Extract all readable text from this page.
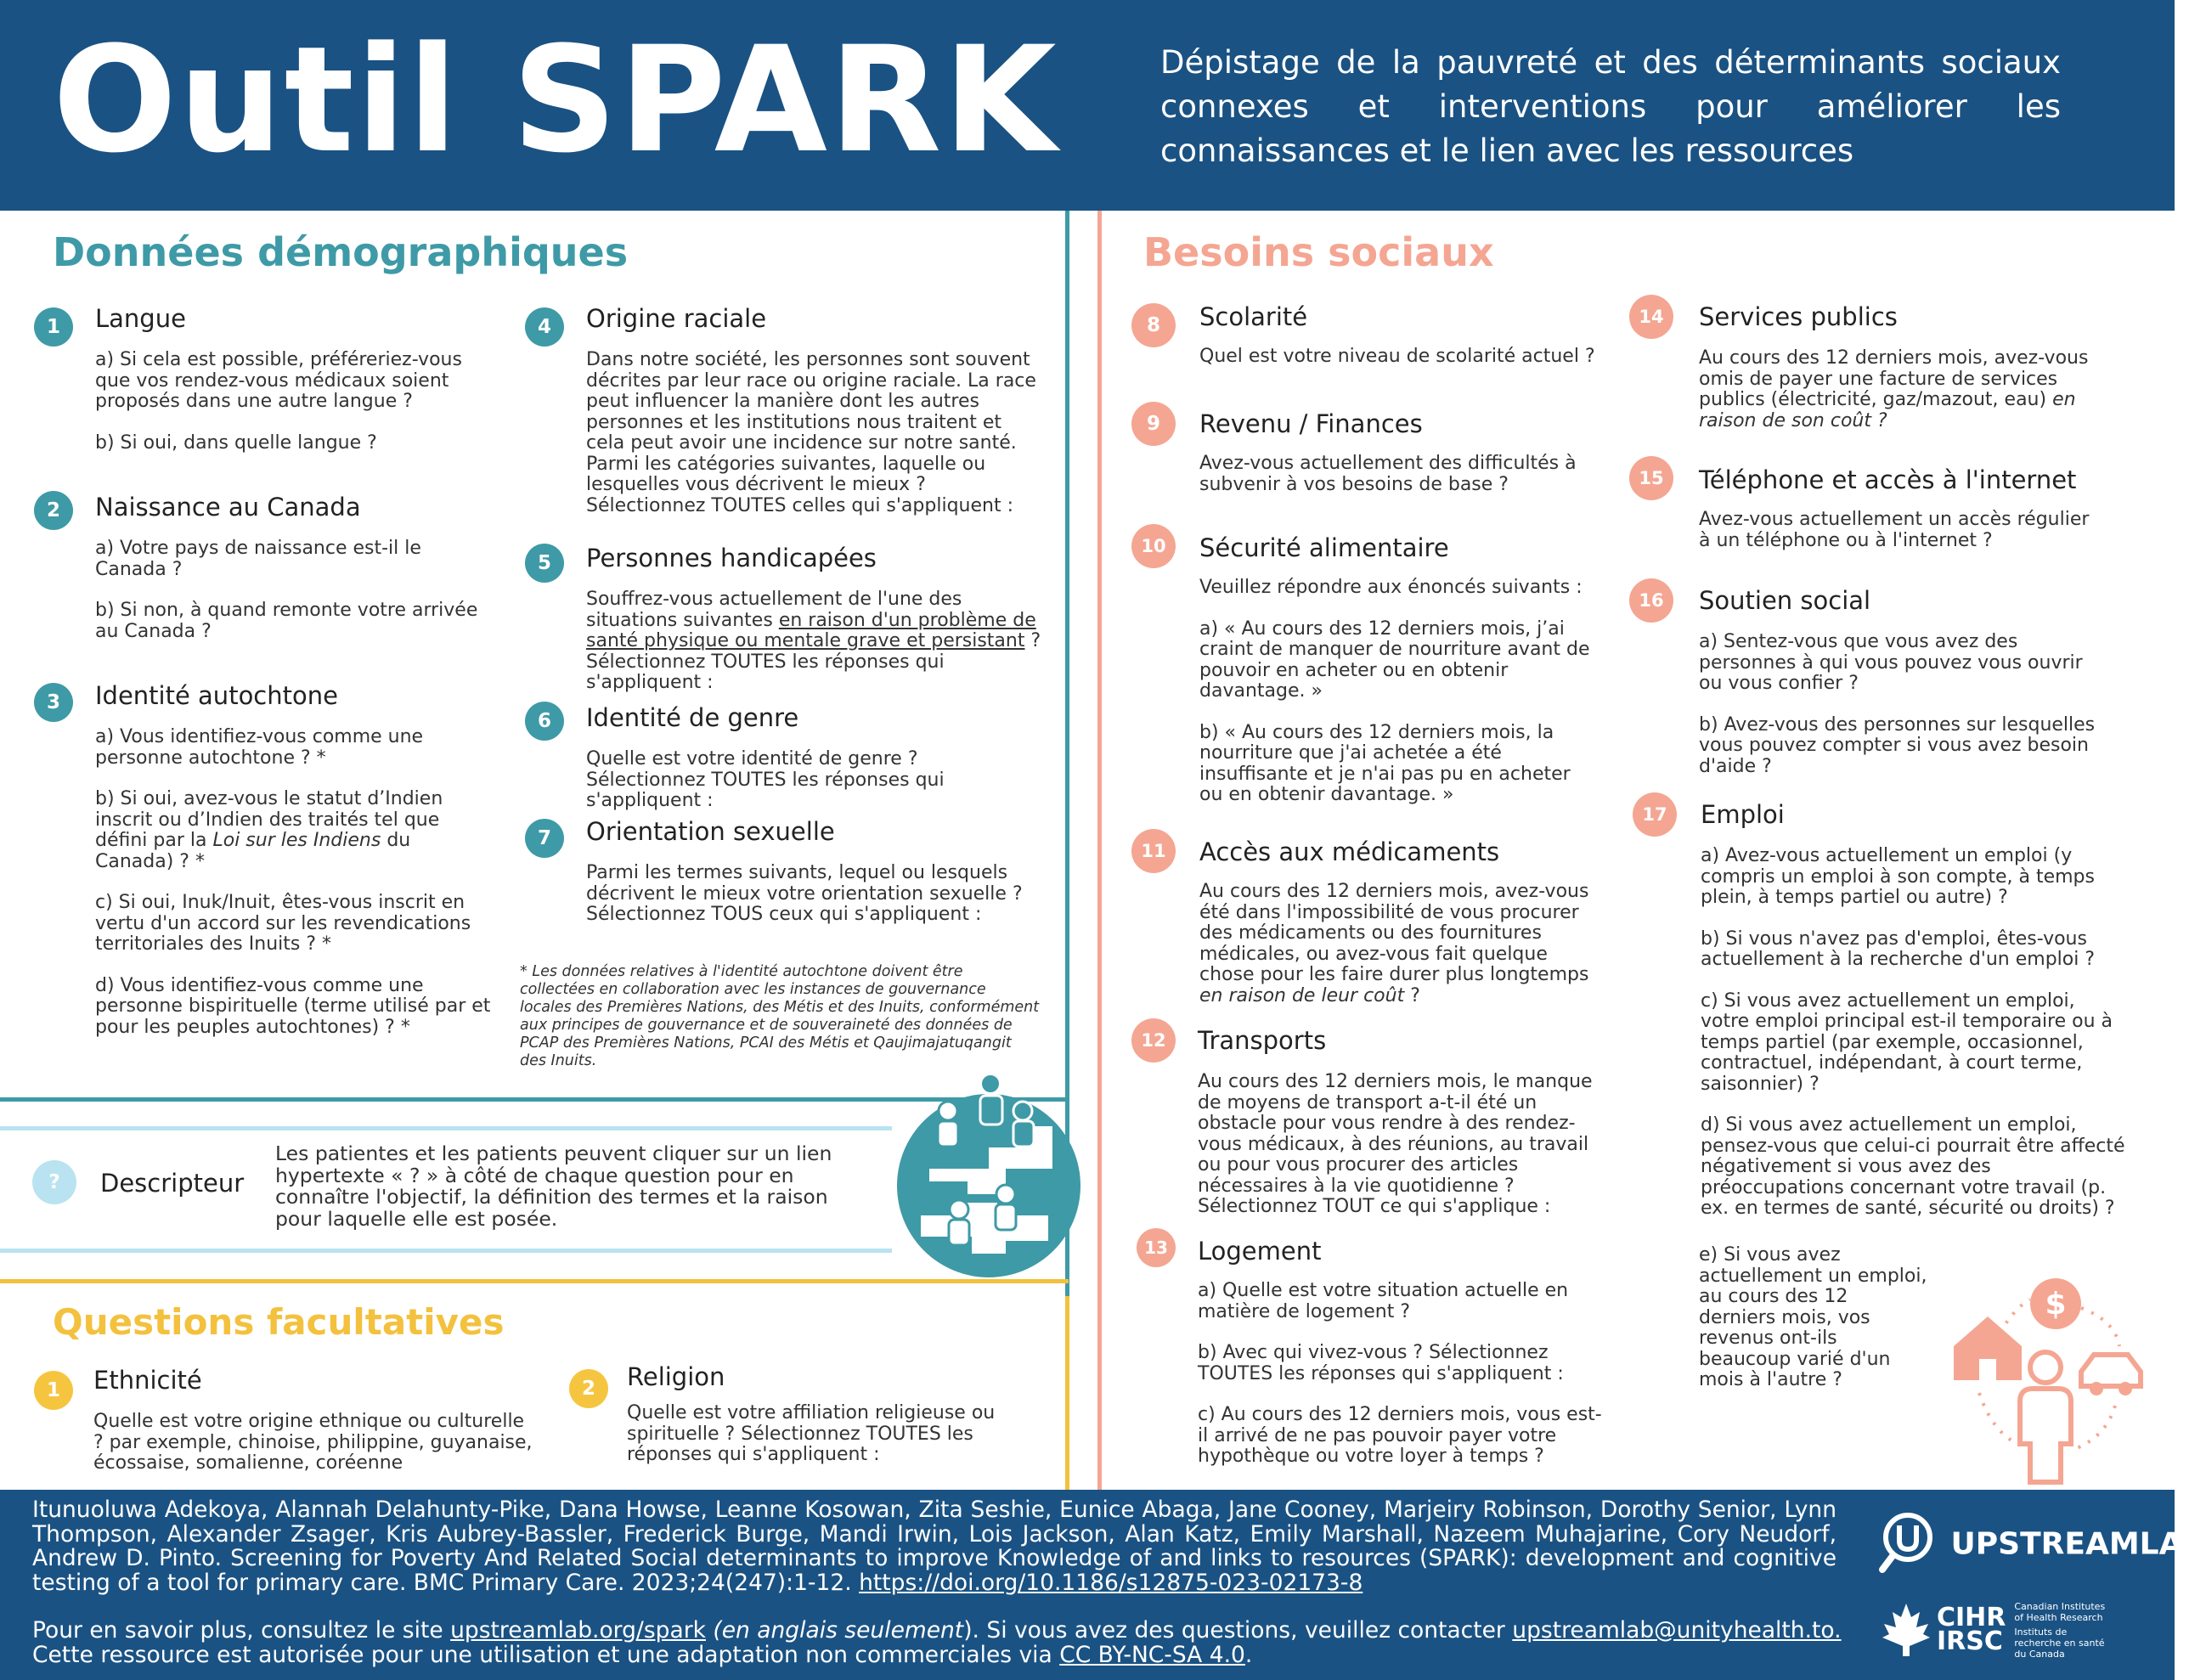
Outil SPARK	Dépistage de la pauvreté et des déterminants sociaux connexes et interventions pour améliorer les connaissances et le lien avec les ressources
Données démographiques
1	Langue

a) Si cela est possible, préféreriez-vous que vos rendez-vous médicaux soient proposés dans une autre langue ?

b) Si oui, dans quelle langue ?

2	Naissance au Canada

a) Votre pays de naissance est-il le Canada ?

b) Si non, à quand remonte votre arrivée au Canada ?

3	Identité autochtone

a) Vous identifiez-vous comme une personne autochtone ? *

b) Si oui, avez-vous le statut d’Indien inscrit ou d’Indien des traités tel que défini par la Loi sur les Indiens du Canada) ? *

c) Si oui, Inuk/Inuit, êtes-vous inscrit en vertu d'un accord sur les revendications territoriales des Inuits ? *

d) Vous identifiez-vous comme une personne bispirituelle (terme utilisé par et pour les peuples autochtones) ? *

4	Origine raciale

Dans notre société, les personnes sont souvent décrites par leur race ou origine raciale. La race peut influencer la manière dont les autres personnes et les institutions nous traitent et cela peut avoir une incidence sur notre santé. Parmi les catégories suivantes, laquelle ou lesquelles vous décrivent le mieux ? Sélectionnez TOUTES celles qui s'appliquent :

5	Personnes handicapées

Souffrez-vous actuellement de l'une des situations suivantes en raison d'un problème de santé physique ou mentale grave et persistant ? Sélectionnez TOUTES les réponses qui s'appliquent :

6	Identité de genre

Quelle est votre identité de genre ? Sélectionnez TOUTES les réponses qui s'appliquent :

7	Orientation sexuelle

Parmi les termes suivants, lequel ou lesquels décrivent le mieux votre orientation sexuelle ? Sélectionnez TOUS ceux qui s'appliquent :

* Les données relatives à l'identité autochtone doivent être collectées en collaboration avec les instances de gouvernance locales des Premières Nations, des Métis et des Inuits, conformément aux principes de gouvernance et de souveraineté des données de PCAP des Premières Nations, PCAI des Métis et Qaujimajatuqangit des Inuits.
?	Descripteur
Les patientes et les patients peuvent cliquer sur un lien hypertexte « ? » à côté de chaque question pour en connaître l'objectif, la définition des termes et la raison pour laquelle elle est posée.
Questions facultatives
1	Ethnicité

Quelle est votre origine ethnique ou culturelle ? par exemple, chinoise, philippine, guyanaise, écossaise, somalienne, coréenne

2	Religion

Quelle est votre affiliation religieuse ou spirituelle ? Sélectionnez TOUTES les réponses qui s'appliquent :

Besoins sociaux
8	Scolarité

Quel est votre niveau de scolarité actuel ?

9	Revenu / Finances

Avez-vous actuellement des difficultés à subvenir à vos besoins de base ?

10	Sécurité alimentaire

Veuillez répondre aux énoncés suivants :

a) « Au cours des 12 derniers mois, j’ai craint de manquer de nourriture avant de pouvoir en acheter ou en obtenir davantage. »

b) « Au cours des 12 derniers mois, la nourriture que j'ai achetée a été insuffisante et je n'ai pas pu en acheter ou en obtenir davantage. »

11	Accès aux médicaments

Au cours des 12 derniers mois, avez-vous été dans l'impossibilité de vous procurer des médicaments ou des fournitures médicales, ou avez-vous fait quelque chose pour les faire durer plus longtemps en raison de leur coût ?

12	Transports

Au cours des 12 derniers mois, le manque de moyens de transport a-t-il été un obstacle pour vous rendre à des rendez-vous médicaux, à des réunions, au travail ou pour vous procurer des articles nécessaires à la vie quotidienne ? Sélectionnez TOUT ce qui s'applique :

13	Logement

a) Quelle est votre situation actuelle en matière de logement ?

b) Avec qui vivez-vous ? Sélectionnez TOUTES les réponses qui s'appliquent :

c) Au cours des 12 derniers mois, vous est-il arrivé de ne pas pouvoir payer votre hypothèque ou votre loyer à temps ?

14	Services publics

Au cours des 12 derniers mois, avez-vous omis de payer une facture de services publics (électricité, gaz/mazout, eau) en raison de son coût ?

15	Téléphone et accès à l'internet

Avez-vous actuellement un accès régulier à un téléphone ou à l'internet ?

16	Soutien social

a) Sentez-vous que vous avez des personnes à qui vous pouvez vous ouvrir ou vous confier ?

b) Avez-vous des personnes sur lesquelles vous pouvez compter si vous avez besoin d'aide ?

17	Emploi

a) Avez-vous actuellement un emploi (y compris un emploi à son compte, à temps plein, à temps partiel ou autre) ?

b) Si vous n'avez pas d'emploi, êtes-vous actuellement à la recherche d'un emploi ?

c) Si vous avez actuellement un emploi, votre emploi principal est-il temporaire ou à temps partiel (par exemple, occasionnel, contractuel, indépendant, à court terme, saisonnier) ?

d) Si vous avez actuellement un emploi, pensez-vous que celui-ci pourrait être affecté négativement si vous avez des préoccupations concernant votre travail (p. ex. en termes de santé, sécurité ou droits) ?

e) Si vous avez actuellement un emploi, au cours des 12 derniers mois, vos revenus ont-ils beaucoup varié d'un mois à l'autre ?

$
Itunuoluwa Adekoya, Alannah Delahunty-Pike, Dana Howse, Leanne Kosowan, Zita Seshie, Eunice Abaga, Jane Cooney, Marjeiry Robinson, Dorothy Senior, Lynn Thompson, Alexander Zsager, Kris Aubrey-Bassler, Frederick Burge, Mandi Irwin, Lois Jackson, Alan Katz, Emily Marshall, Nazeem Muhajarine, Cory Neudorf, Andrew D. Pinto. Screening for Poverty And Related Social determinants to improve Knowledge of and links to resources (SPARK): development and cognitive testing of a tool for primary care. BMC Primary Care. 2023;24(247):1-12. https://doi.org/10.1186/s12875-023-02173-8
Pour en savoir plus, consultez le site upstreamlab.org/spark (en anglais seulement). Si vous avez des questions, veuillez contacter upstreamlab@unityhealth.to.
Cette ressource est autorisée pour une utilisation et une adaptation non commerciales via CC BY-NC-SA 4.0.
UPSTREAMLAB
CIHR
IRSC
Canadian Institutes of Health Research
Instituts de recherche en santé du Canada
